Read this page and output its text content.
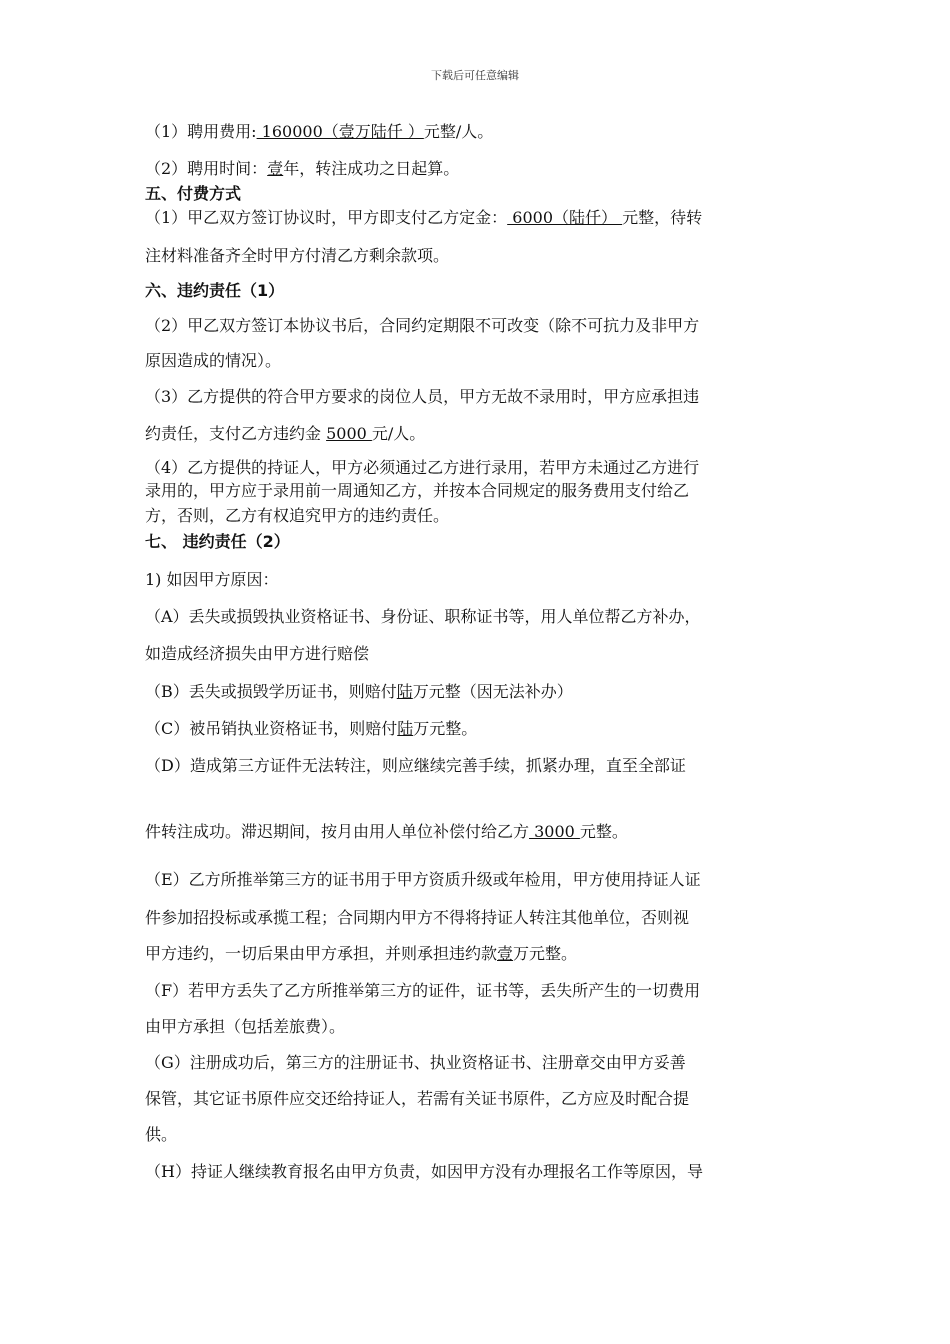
下载后可任意编辑
（1）聘用费用: 160000（壹万陆仟 ）元整/人。
（2）聘用时间：壹年，转注成功之日起算。
五、付费方式
（1）甲乙双方签订协议时，甲方即支付乙方定金： 6000（陆仟） 元整，待转
注材料准备齐全时甲方付清乙方剩余款项。
六、违约责任（1）
（2）甲乙双方签订本协议书后，合同约定期限不可改变（除不可抗力及非甲方
原因造成的情况）。
（3）乙方提供的符合甲方要求的岗位人员，甲方无故不录用时，甲方应承担违
约责任，支付乙方违约金 5000 元/人。
（4）乙方提供的持证人，甲方必须通过乙方进行录用，若甲方未通过乙方进行
录用的，甲方应于录用前一周通知乙方，并按本合同规定的服务费用支付给乙
方，否则，乙方有权追究甲方的违约责任。
七、 违约责任（2）
1) 如因甲方原因：
（A）丢失或损毁执业资格证书、身份证、职称证书等，用人单位帮乙方补办，
如造成经济损失由甲方进行赔偿
（B）丢失或损毁学历证书，则赔付陆万元整（因无法补办）
（C）被吊销执业资格证书，则赔付陆万元整。
（D）造成第三方证件无法转注，则应继续完善手续，抓紧办理，直至全部证
件转注成功。滞迟期间，按月由用人单位补偿付给乙方 3000 元整。
（E）乙方所推举第三方的证书用于甲方资质升级或年检用，甲方使用持证人证
件参加招投标或承揽工程；合同期内甲方不得将持证人转注其他单位，否则视
甲方违约，一切后果由甲方承担，并则承担违约款壹万元整。
（F）若甲方丢失了乙方所推举第三方的证件，证书等，丢失所产生的一切费用
由甲方承担（包括差旅费）。
（G）注册成功后，第三方的注册证书、执业资格证书、注册章交由甲方妥善
保管，其它证书原件应交还给持证人，若需有关证书原件，乙方应及时配合提
供。
（H）持证人继续教育报名由甲方负责，如因甲方没有办理报名工作等原因，导
